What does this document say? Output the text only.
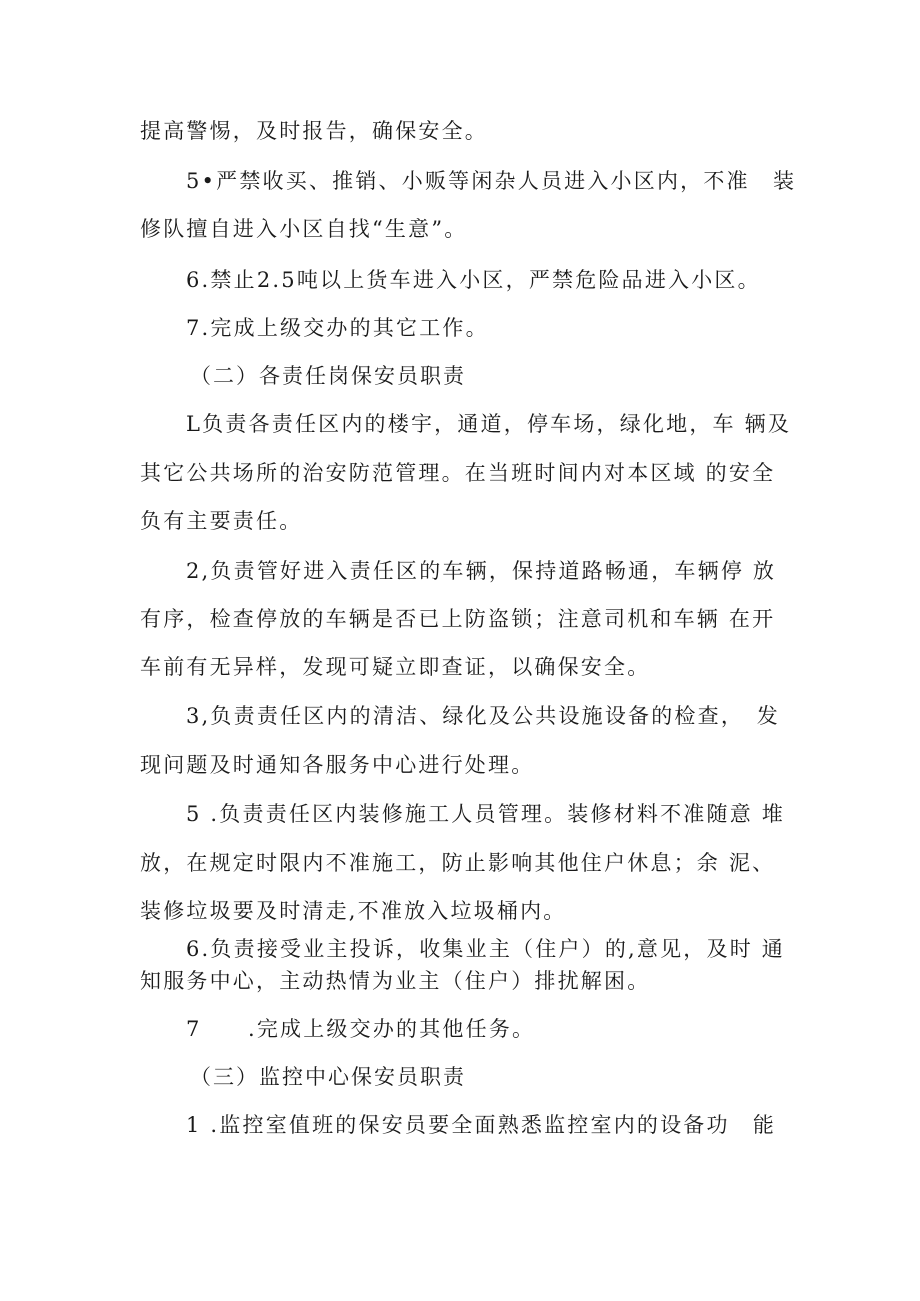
提高警惕，及时报告，确保安全。
5•严禁收买、推销、小贩等闲杂人员进入小区内，不准　装
修队擅自进入小区自找“生意”。
6.禁止2.5吨以上货车进入小区，严禁危险品进入小区。
7.完成上级交办的其它工作。
（二）各责任岗保安员职责
L负责各责任区内的楼宇，通道，停车场，绿化地，车 辆及
其它公共场所的治安防范管理。在当班时间内对本区域 的安全
负有主要责任。
2,负责管好进入责任区的车辆，保持道路畅通，车辆停 放
有序，检查停放的车辆是否已上防盗锁；注意司机和车辆 在开
车前有无异样，发现可疑立即查证，以确保安全。
3,负责责任区内的清洁、绿化及公共设施设备的检查，　发
现问题及时通知各服务中心进行处理。
5 .负责责任区内装修施工人员管理。装修材料不准随意 堆
放，在规定时限内不准施工，防止影响其他住户休息；余 泥、
装修垃圾要及时清走,不准放入垃圾桶内。
6.负责接受业主投诉，收集业主（住户）的,意见，及时 通
知服务中心，主动热情为业主（住户）排扰解困。
7　　.完成上级交办的其他任务。
（三）监控中心保安员职责
1 .监控室值班的保安员要全面熟悉监控室内的设备功　能
